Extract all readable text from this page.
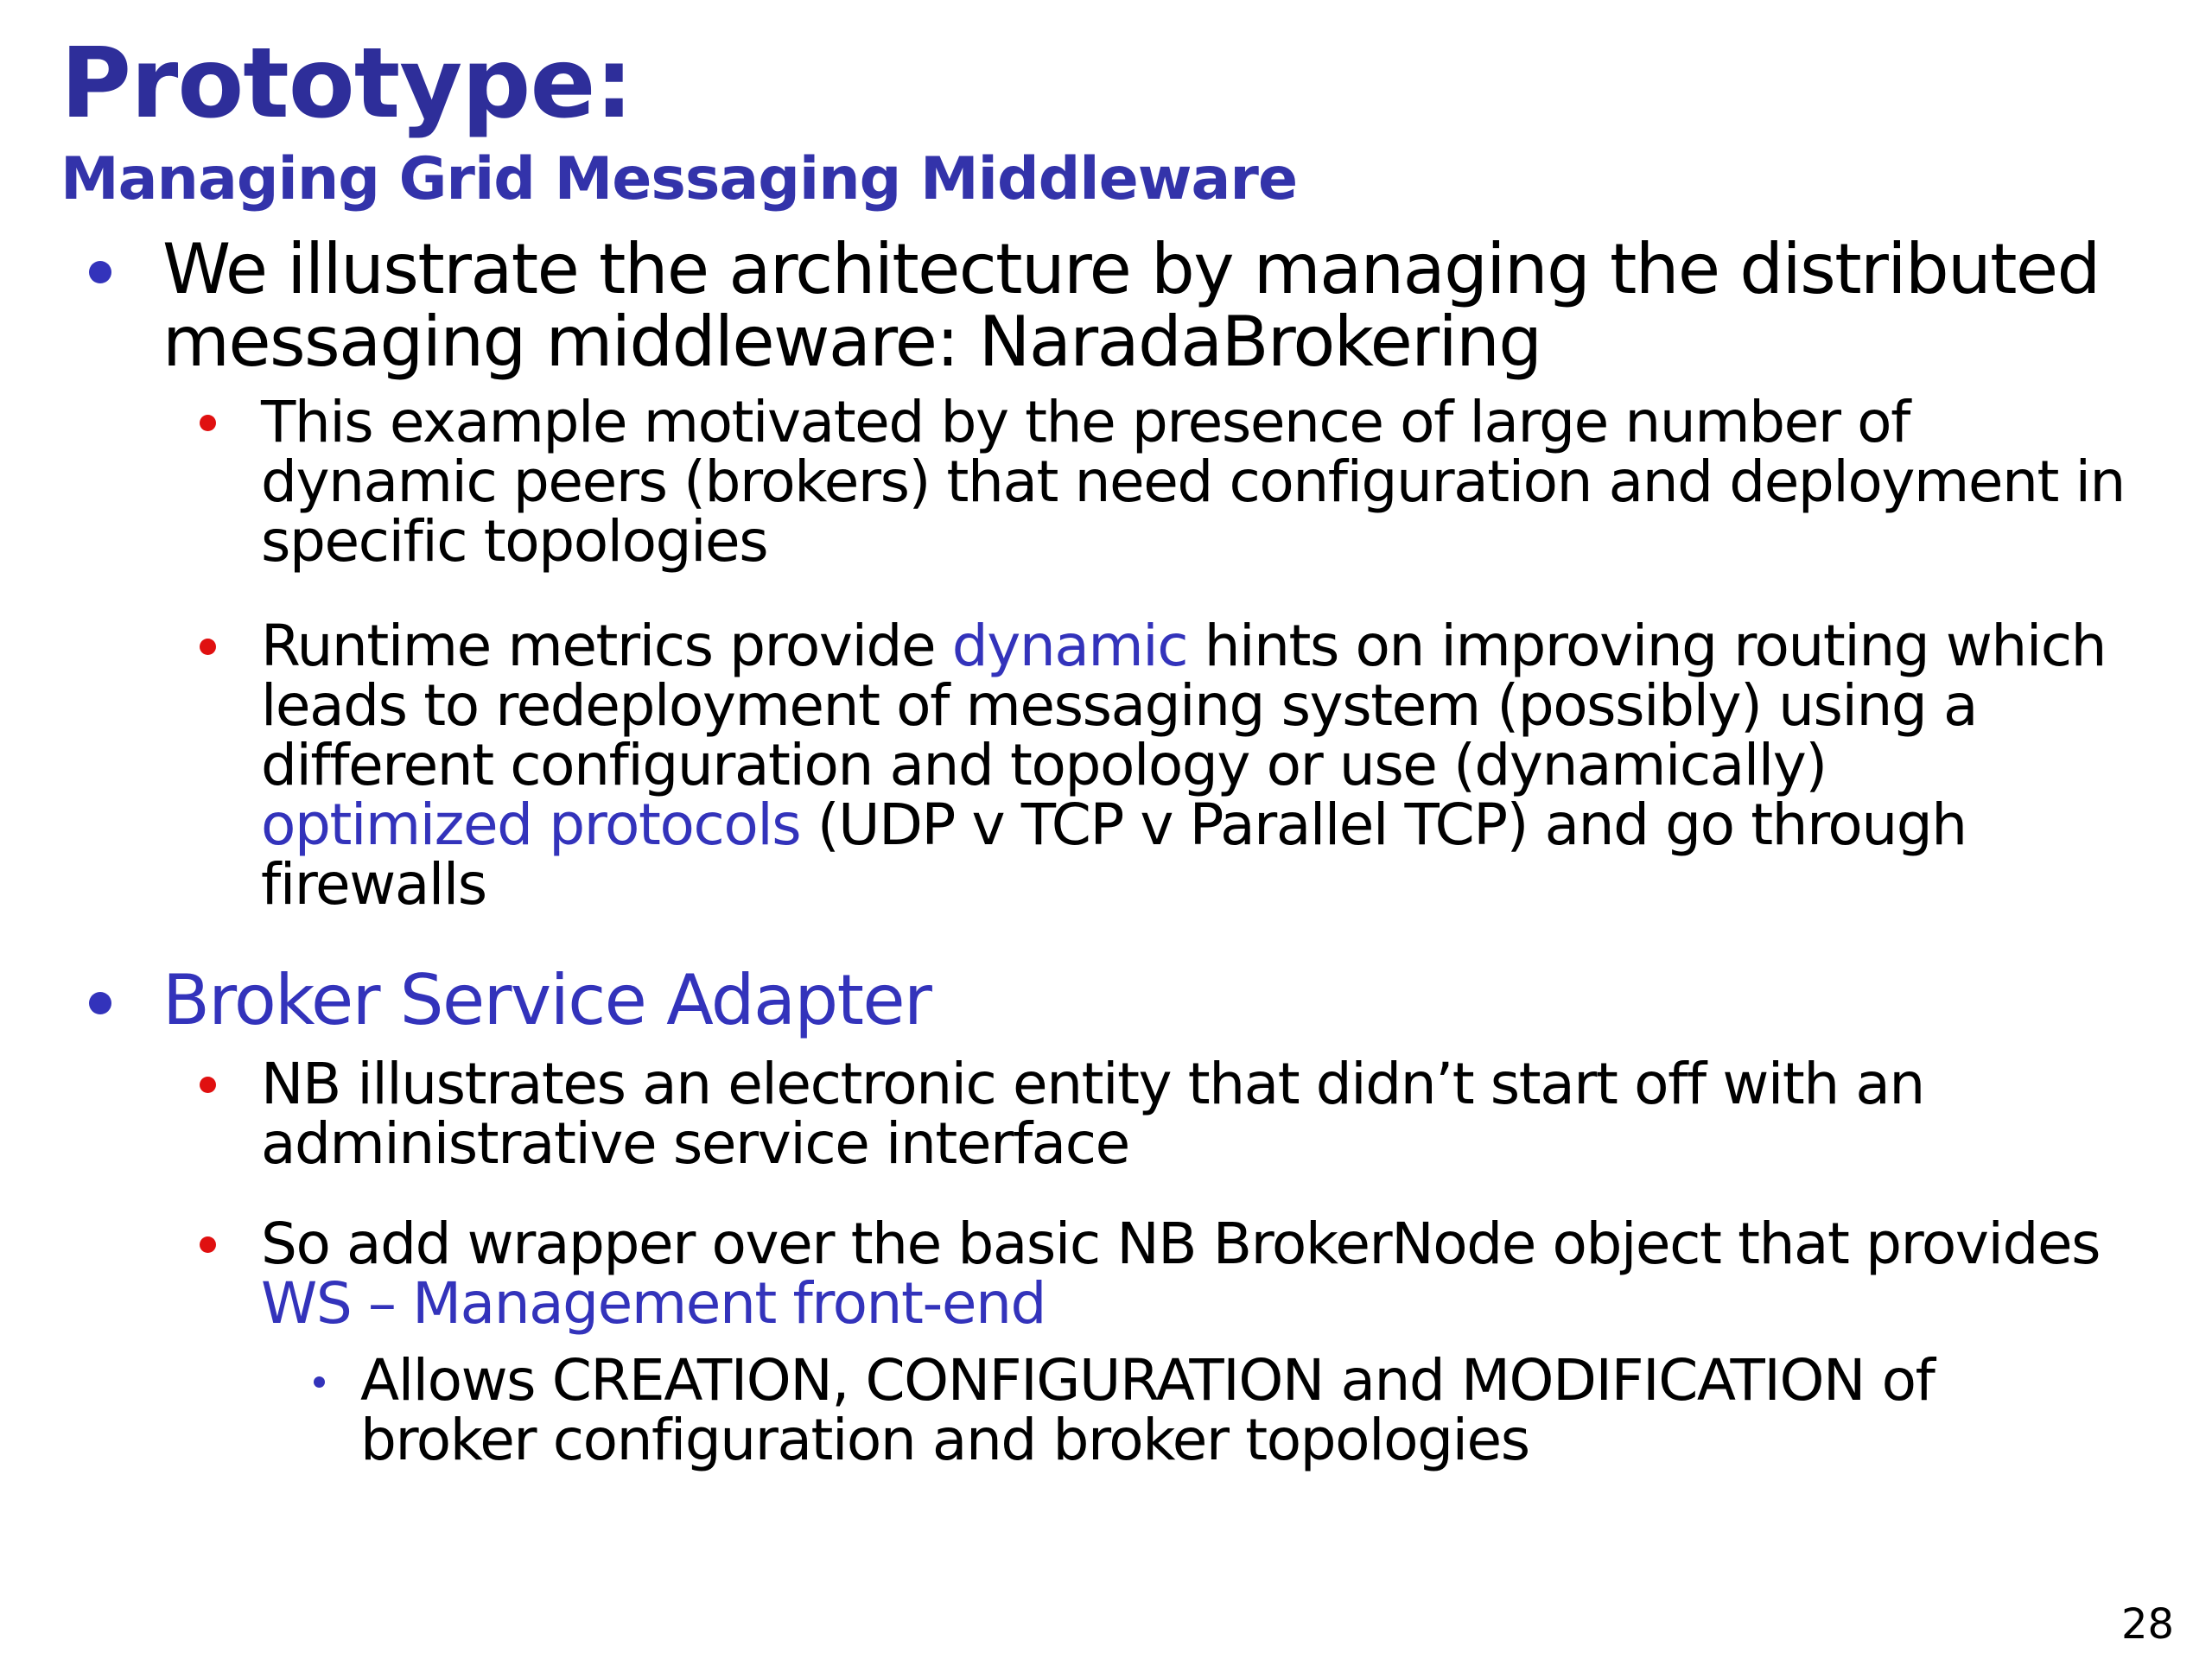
Prototype:
Managing Grid Messaging Middleware

We illustrate the architecture by managing the distributed
messaging middleware: NaradaBrokering

This example motivated by the presence of large number of
dynamic peers (brokers) that need configuration and deployment in
specific topologies

Runtime metrics provide dynamic hints on improving routing which
leads to redeployment of messaging system (possibly) using a
different configuration and topology or use (dynamically)
optimized protocols (UDP v TCP v Parallel TCP) and go through
firewalls

Broker Service Adapter

NB illustrates an electronic entity that didn’t start off with an
administrative service interface

So add wrapper over the basic NB BrokerNode object that provides
WS – Management front-end

Allows CREATION, CONFIGURATION and MODIFICATION of
broker configuration and broker topologies

28
